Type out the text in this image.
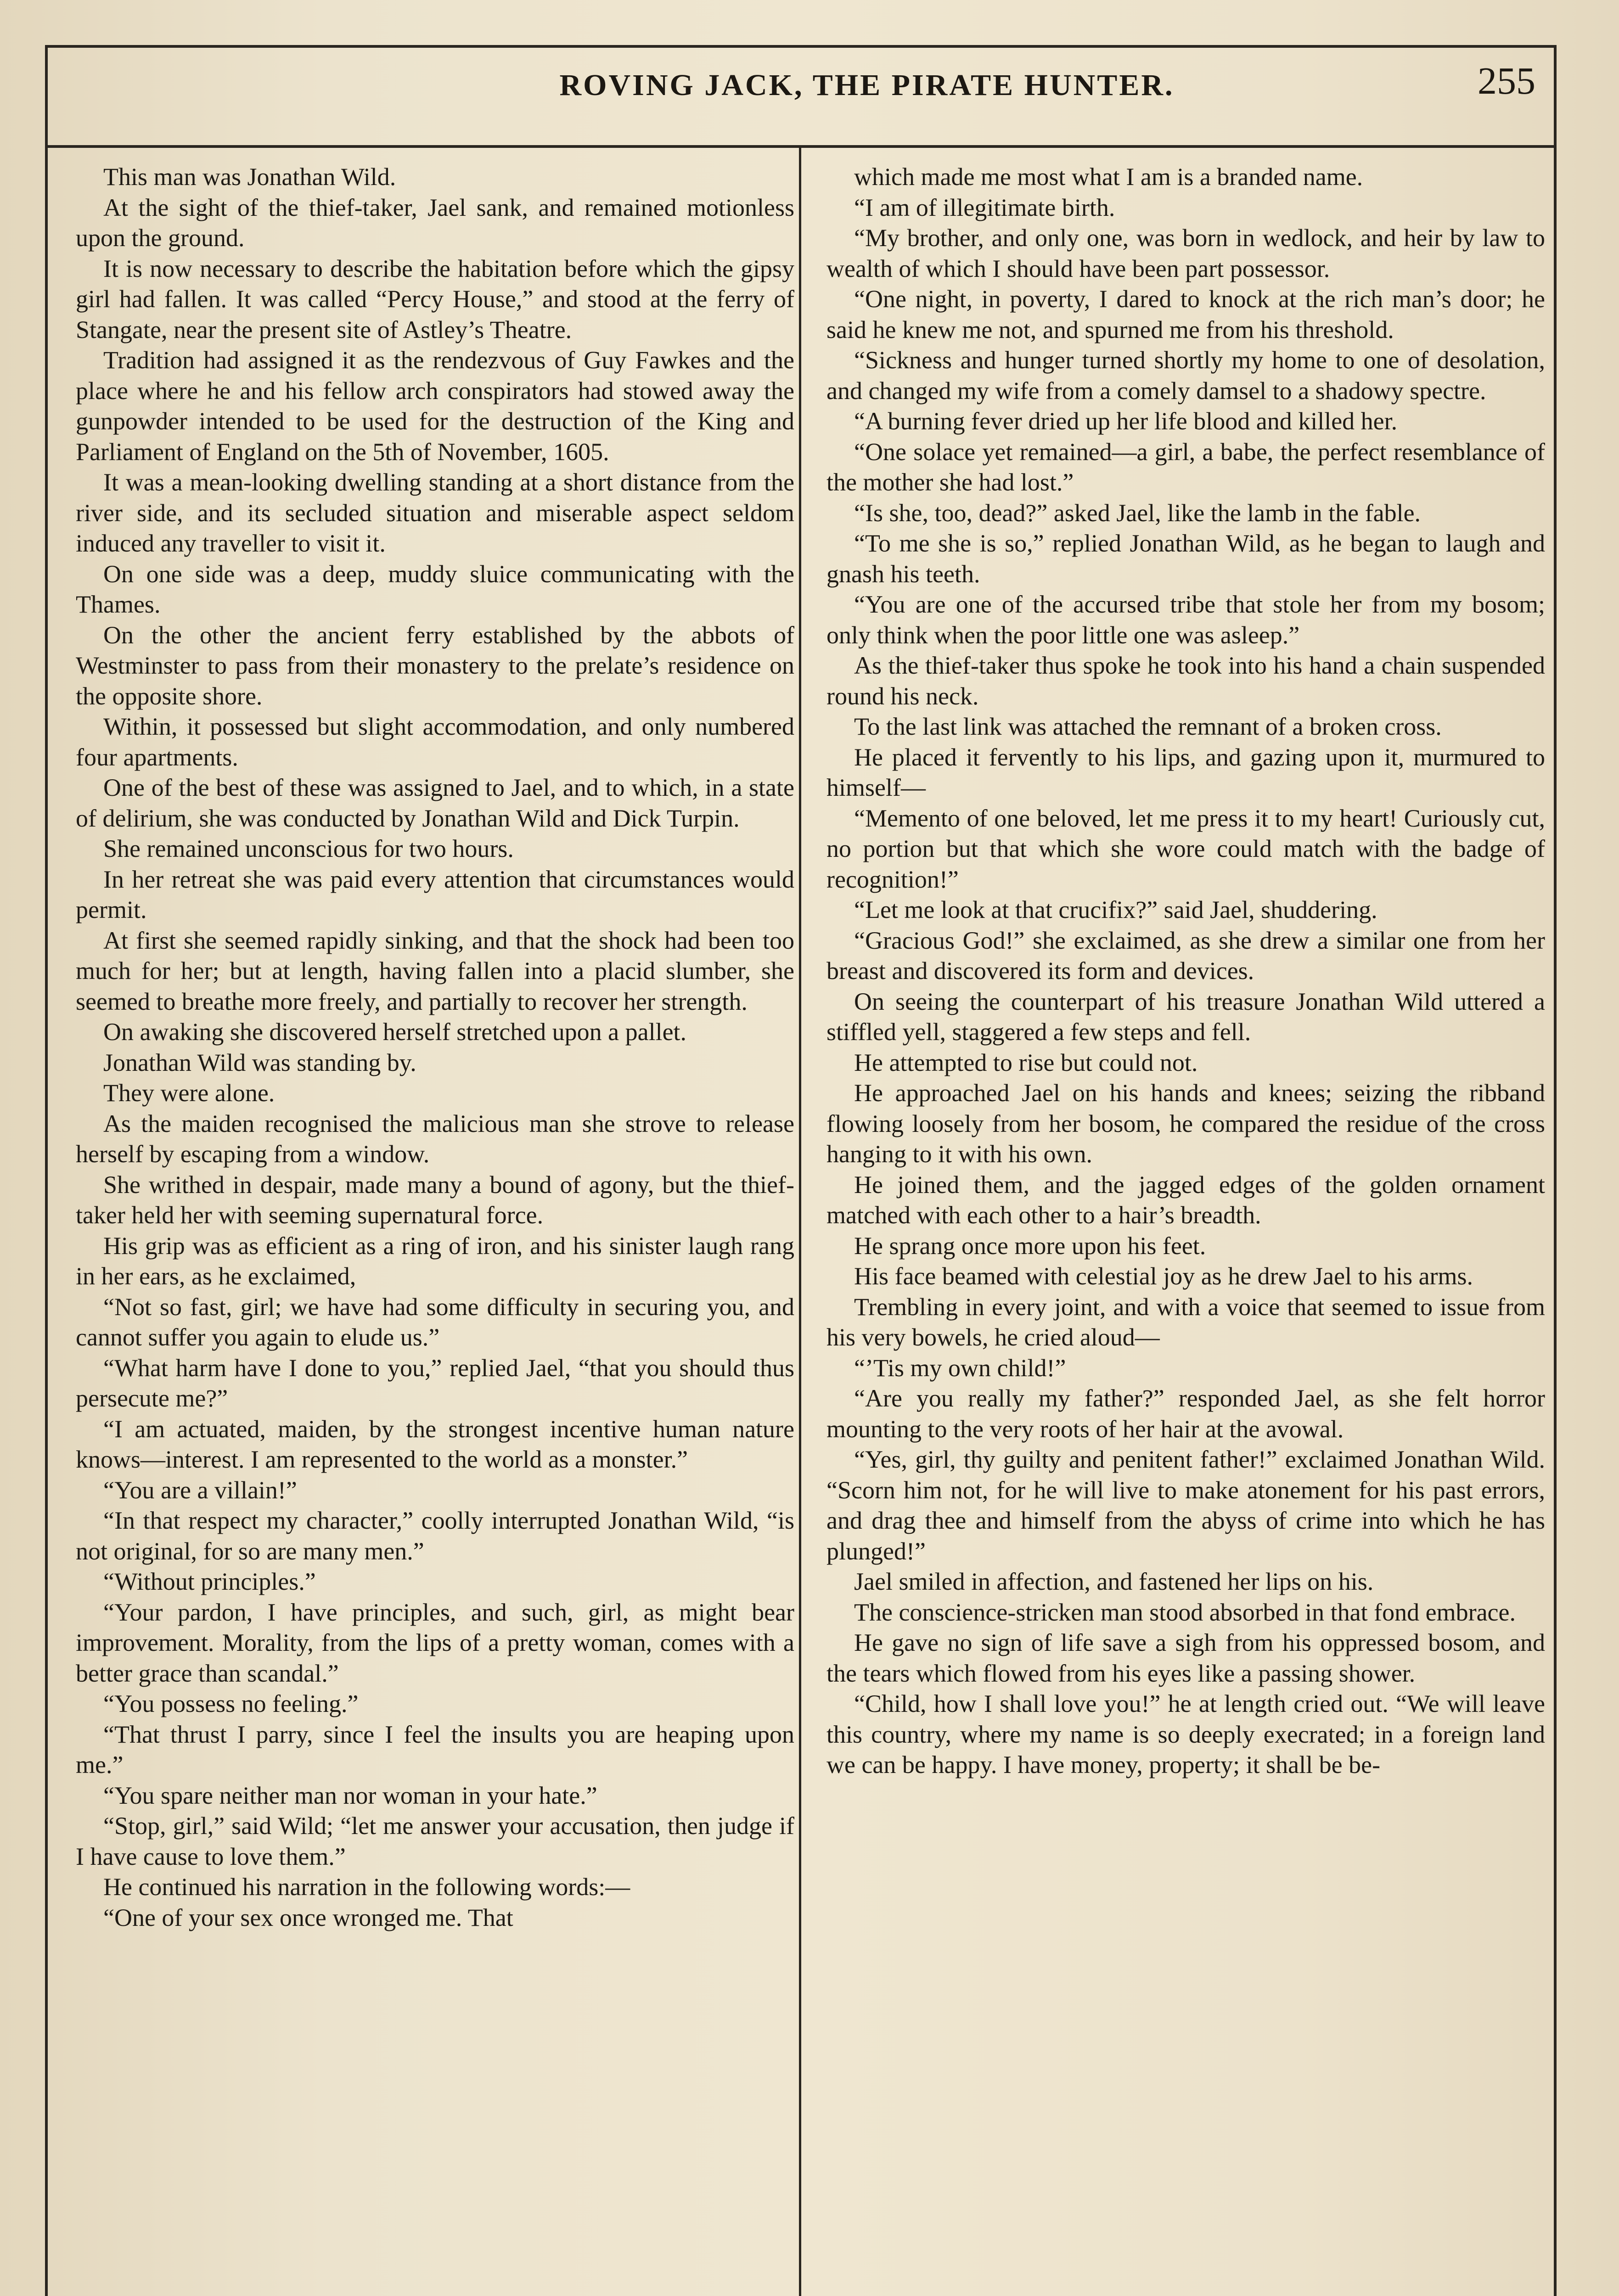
ROVING JACK, THE PIRATE HUNTER.	255

This man was Jonathan Wild.

At the sight of the thief-taker, Jael sank, and remained motionless upon the ground.

It is now necessary to describe the habitation before which the gipsy girl had fallen. It was called “Percy House,” and stood at the ferry of Stangate, near the present site of Astley’s Theatre.

Tradition had assigned it as the rendezvous of Guy Fawkes and the place where he and his fellow arch conspirators had stowed away the gunpowder intended to be used for the destruction of the King and Parliament of England on the 5th of November, 1605.

It was a mean-looking dwelling standing at a short distance from the river side, and its secluded situation and miserable aspect seldom induced any traveller to visit it.

On one side was a deep, muddy sluice communicating with the Thames.

On the other the ancient ferry established by the abbots of Westminster to pass from their monastery to the prelate’s residence on the opposite shore.

Within, it possessed but slight accommodation, and only numbered four apartments.

One of the best of these was assigned to Jael, and to which, in a state of delirium, she was conducted by Jonathan Wild and Dick Turpin.

She remained unconscious for two hours.

In her retreat she was paid every attention that circumstances would permit.

At first she seemed rapidly sinking, and that the shock had been too much for her; but at length, having fallen into a placid slumber, she seemed to breathe more freely, and partially to recover her strength.

On awaking she discovered herself stretched upon a pallet.

Jonathan Wild was standing by.

They were alone.

As the maiden recognised the malicious man she strove to release herself by escaping from a window.

She writhed in despair, made many a bound of agony, but the thief-taker held her with seeming supernatural force.

His grip was as efficient as a ring of iron, and his sinister laugh rang in her ears, as he exclaimed,

“Not so fast, girl; we have had some difficulty in securing you, and cannot suffer you again to elude us.”

“What harm have I done to you,” replied Jael, “that you should thus persecute me?”

“I am actuated, maiden, by the strongest incentive human nature knows—interest. I am represented to the world as a monster.”

“You are a villain!”

“In that respect my character,” coolly interrupted Jonathan Wild, “is not original, for so are many men.”

“Without principles.”

“Your pardon, I have principles, and such, girl, as might bear improvement. Morality, from the lips of a pretty woman, comes with a better grace than scandal.”

“You possess no feeling.”

“That thrust I parry, since I feel the insults you are heaping upon me.”

“You spare neither man nor woman in your hate.”

“Stop, girl,” said Wild; “let me answer your accusation, then judge if I have cause to love them.”

He continued his narration in the following words:—

“One of your sex once wronged me. That

which made me most what I am is a branded name.

“I am of illegitimate birth.

“My brother, and only one, was born in wedlock, and heir by law to wealth of which I should have been part possessor.

“One night, in poverty, I dared to knock at the rich man’s door; he said he knew me not, and spurned me from his threshold.

“Sickness and hunger turned shortly my home to one of desolation, and changed my wife from a comely damsel to a shadowy spectre.

“A burning fever dried up her life blood and killed her.

“One solace yet remained—a girl, a babe, the perfect resemblance of the mother she had lost.”

“Is she, too, dead?” asked Jael, like the lamb in the fable.

“To me she is so,” replied Jonathan Wild, as he began to laugh and gnash his teeth.

“You are one of the accursed tribe that stole her from my bosom; only think when the poor little one was asleep.”

As the thief-taker thus spoke he took into his hand a chain suspended round his neck.

To the last link was attached the remnant of a broken cross.

He placed it fervently to his lips, and gazing upon it, murmured to himself—

“Memento of one beloved, let me press it to my heart! Curiously cut, no portion but that which she wore could match with the badge of recognition!”

“Let me look at that crucifix?” said Jael, shuddering.

“Gracious God!” she exclaimed, as she drew a similar one from her breast and discovered its form and devices.

On seeing the counterpart of his treasure Jonathan Wild uttered a stiffled yell, staggered a few steps and fell.

He attempted to rise but could not.

He approached Jael on his hands and knees; seizing the ribband flowing loosely from her bosom, he compared the residue of the cross hanging to it with his own.

He joined them, and the jagged edges of the golden ornament matched with each other to a hair’s breadth.

He sprang once more upon his feet.

His face beamed with celestial joy as he drew Jael to his arms.

Trembling in every joint, and with a voice that seemed to issue from his very bowels, he cried aloud—

“’Tis my own child!”

“Are you really my father?” responded Jael, as she felt horror mounting to the very roots of her hair at the avowal.

“Yes, girl, thy guilty and penitent father!” exclaimed Jonathan Wild. “Scorn him not, for he will live to make atonement for his past errors, and drag thee and himself from the abyss of crime into which he has plunged!”

Jael smiled in affection, and fastened her lips on his.

The conscience-stricken man stood absorbed in that fond embrace.

He gave no sign of life save a sigh from his oppressed bosom, and the tears which flowed from his eyes like a passing shower.

“Child, how I shall love you!” he at length cried out. “We will leave this country, where my name is so deeply execrated; in a foreign land we can be happy. I have money, property; it shall be be-
